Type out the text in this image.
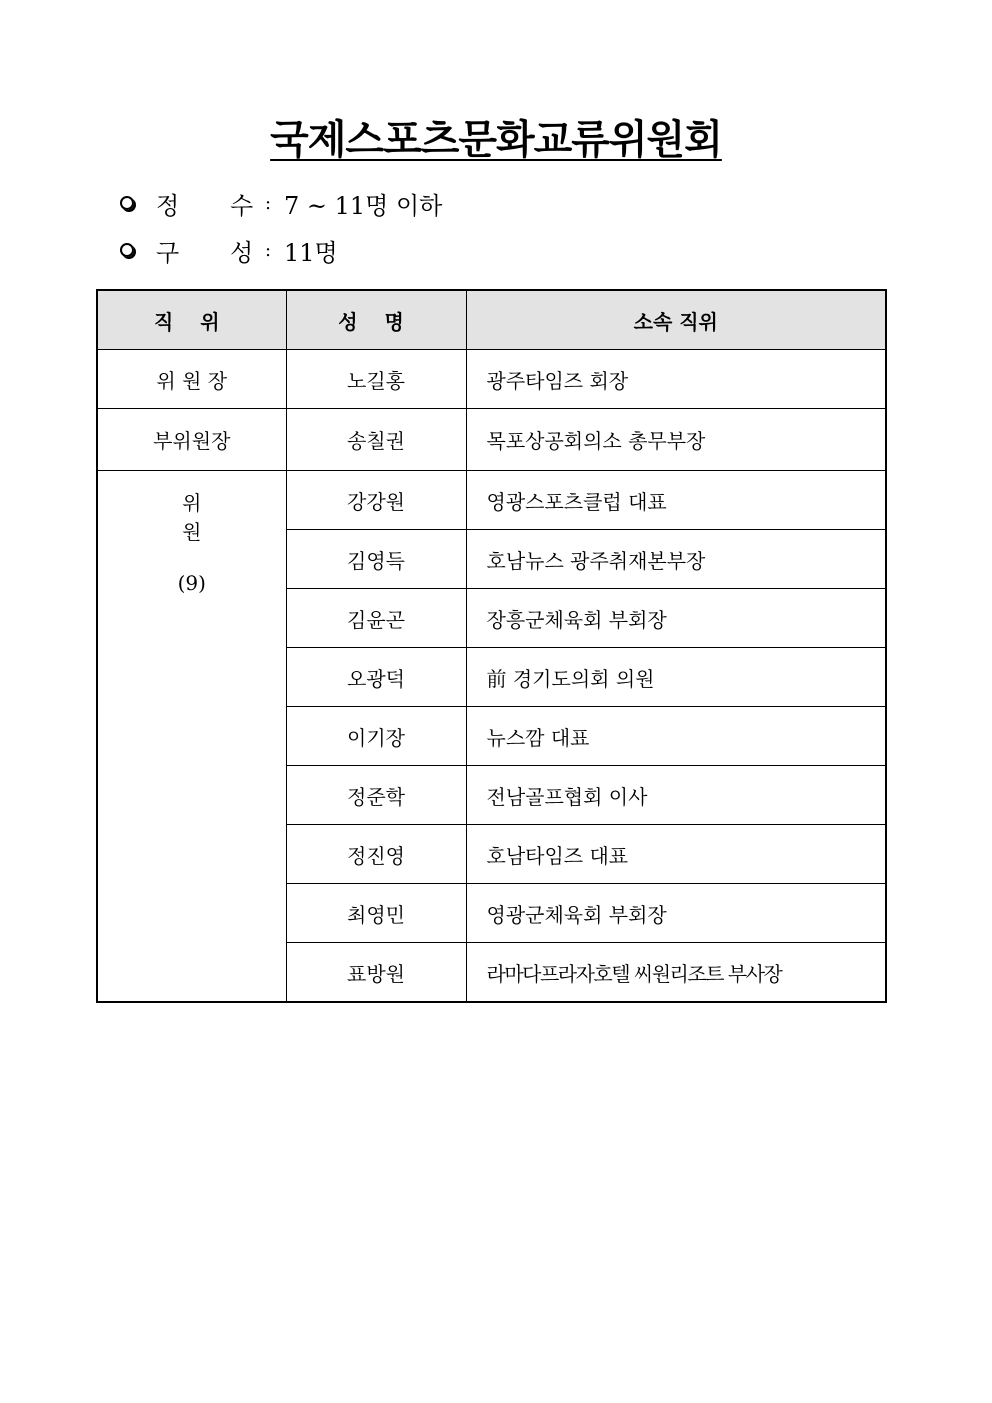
국제스포츠문화교류위원회
정	수 : 7 ~ 11명 이하
구	성 : 11명
직 위	성 명	소속 직위
위 원 장	노길홍	광주타임즈 회장
부위원장	송칠권	목포상공회의소 총무부장

위 원
(9)	강강원	영광스포츠클럽 대표
	김영득	호남뉴스 광주취재본부장
	김윤곤	장흥군체육회 부회장
	오광덕	前 경기도의회 의원
	이기장	뉴스깜 대표
	정준학	전남골프협회 이사
	정진영	호남타임즈 대표
	최영민	영광군체육회 부회장
	표방원	라마다프라자호텔 씨원리조트 부사장
